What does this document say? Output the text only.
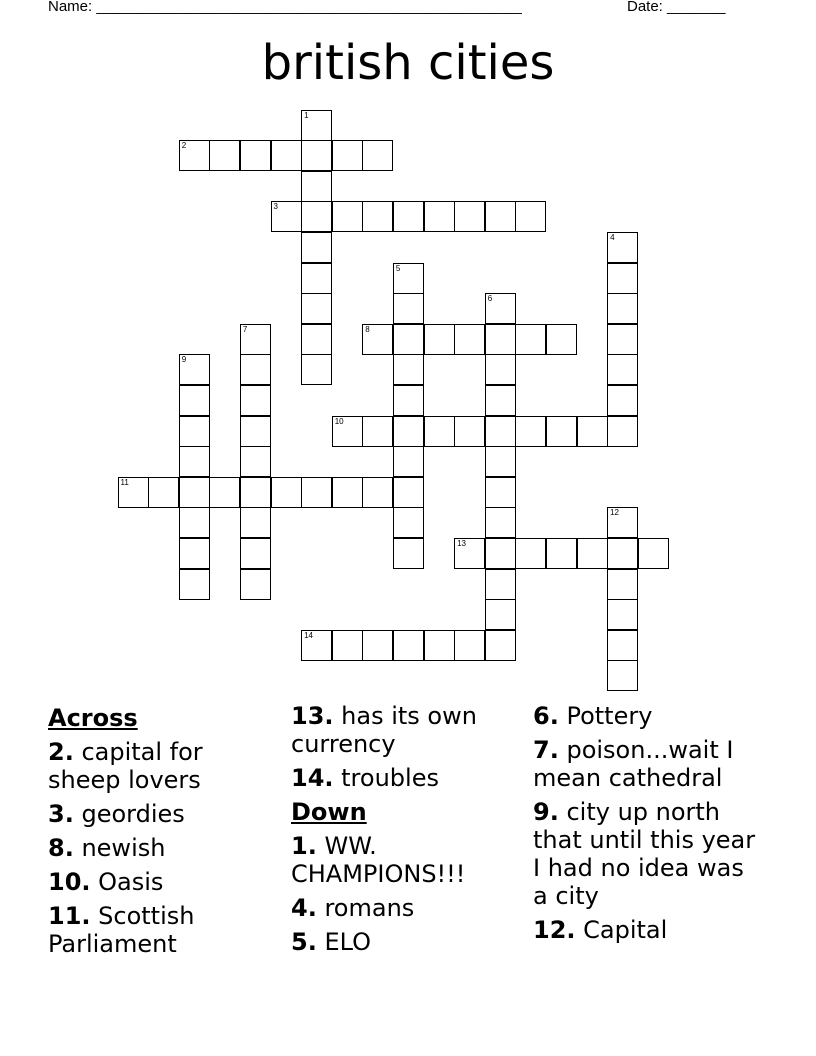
Name: ___________________________________________________	Date: _______
british cities
1
2
3
4
5
6
7	8
9
10
11
12
13
14
Across
2. capital for sheep lovers
3. geordies
8. newish
10. Oasis
11. Scottish Parliament
13. has its own currency
14. troubles
Down
1. WW. CHAMPIONS!!!
4. romans
5. ELO
6. Pottery
7. poison...wait I mean cathedral
9. city up north that until this year I had no idea was a city
12. Capital
